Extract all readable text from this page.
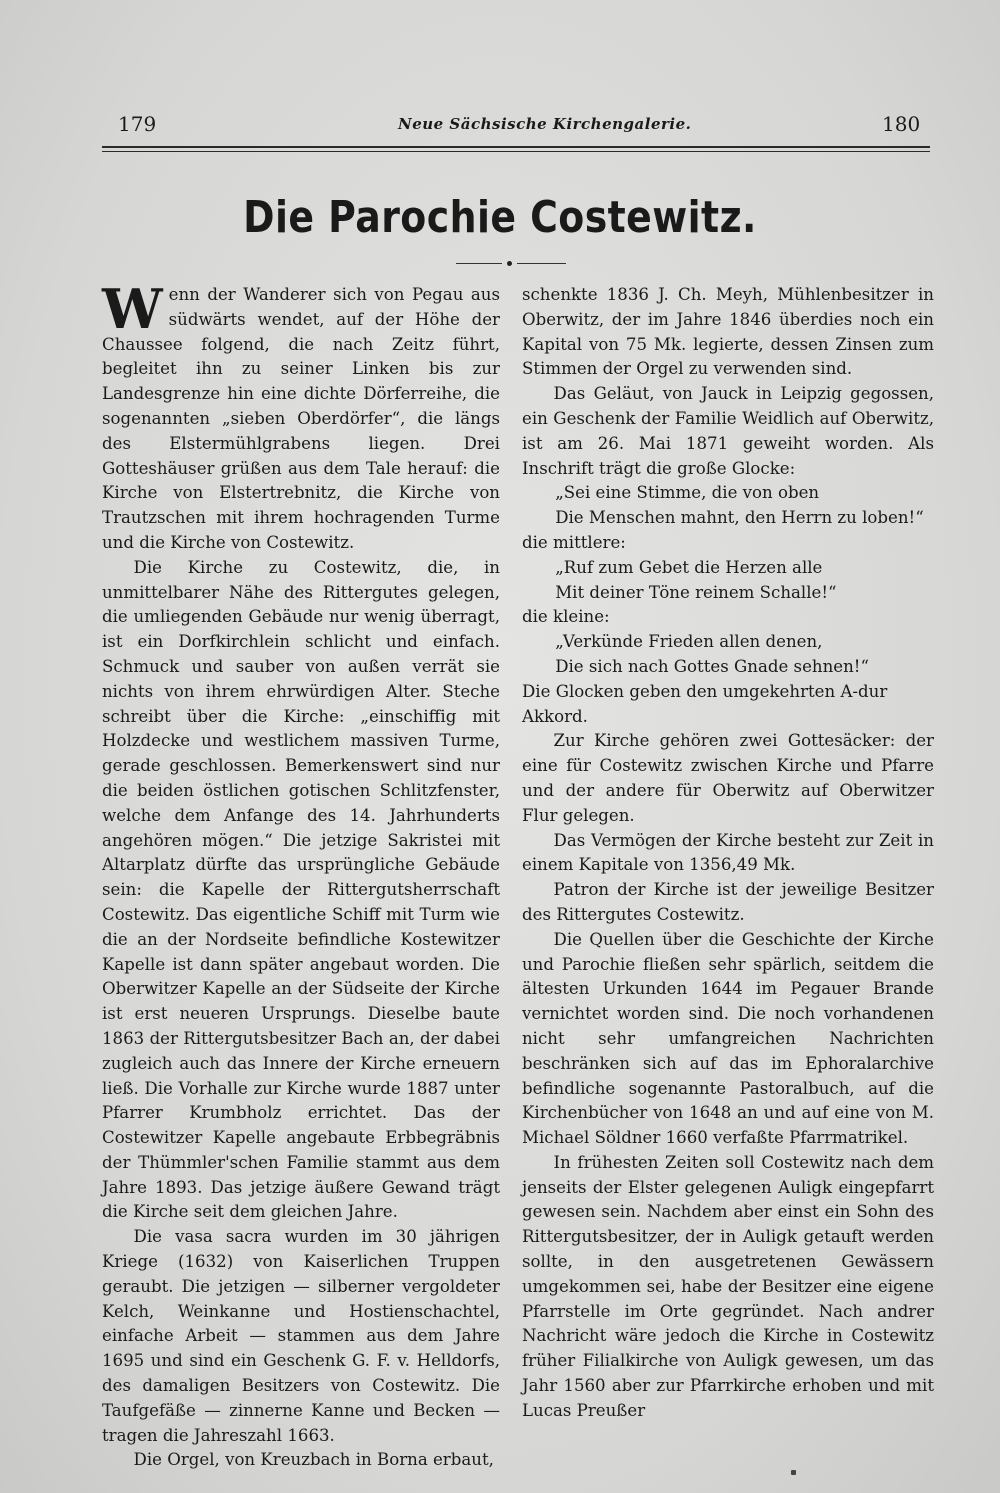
179	Neue Sächsische Kirchengalerie.	180
Die Parochie Costewitz.

Wenn der Wanderer sich von Pegau aus südwärts wendet, auf der Höhe der Chaussee folgend, die nach Zeitz führt, begleitet ihn zu seiner Linken bis zur Landesgrenze hin eine dichte Dörferreihe, die sogenannten „sieben Oberdörfer“, die längs des Elstermühlgrabens liegen. Drei Gotteshäuser grüßen aus dem Tale herauf: die Kirche von Elstertrebnitz, die Kirche von Trautzschen mit ihrem hochragenden Turme und die Kirche von Costewitz.

Die Kirche zu Costewitz, die, in unmittelbarer Nähe des Rittergutes gelegen, die umliegenden Gebäude nur wenig überragt, ist ein Dorfkirchlein schlicht und einfach. Schmuck und sauber von außen verrät sie nichts von ihrem ehrwürdigen Alter. Steche schreibt über die Kirche: „einschiffig mit Holzdecke und westlichem massiven Turme, gerade geschlossen. Bemerkenswert sind nur die beiden östlichen gotischen Schlitzfenster, welche dem Anfange des 14. Jahrhunderts angehören mögen.“ Die jetzige Sakristei mit Altarplatz dürfte das ursprüngliche Gebäude sein: die Kapelle der Rittergutsherrschaft Costewitz. Das eigentliche Schiff mit Turm wie die an der Nordseite befindliche Kostewitzer Kapelle ist dann später angebaut worden. Die Oberwitzer Kapelle an der Südseite der Kirche ist erst neueren Ursprungs. Dieselbe baute 1863 der Rittergutsbesitzer Bach an, der dabei zugleich auch das Innere der Kirche erneuern ließ. Die Vorhalle zur Kirche wurde 1887 unter Pfarrer Krumbholz errichtet. Das der Costewitzer Kapelle angebaute Erbbegräbnis der Thümmler'schen Familie stammt aus dem Jahre 1893. Das jetzige äußere Gewand trägt die Kirche seit dem gleichen Jahre.

Die vasa sacra wurden im 30 jährigen Kriege (1632) von Kaiserlichen Truppen geraubt. Die jetzigen — silberner vergoldeter Kelch, Weinkanne und Hostienschachtel, einfache Arbeit — stammen aus dem Jahre 1695 und sind ein Geschenk G. F. v. Helldorfs, des damaligen Besitzers von Costewitz. Die Taufgefäße — zinnerne Kanne und Becken — tragen die Jahreszahl 1663.

Die Orgel, von Kreuzbach in Borna erbaut,

schenkte 1836 J. Ch. Meyh, Mühlenbesitzer in Oberwitz, der im Jahre 1846 überdies noch ein Kapital von 75 Mk. legierte, dessen Zinsen zum Stimmen der Orgel zu verwenden sind.

Das Geläut, von Jauck in Leipzig gegossen, ein Geschenk der Familie Weidlich auf Oberwitz, ist am 26. Mai 1871 geweiht worden. Als Inschrift trägt die große Glocke:

„Sei eine Stimme, die von oben

Die Menschen mahnt, den Herrn zu loben!“

die mittlere:

„Ruf zum Gebet die Herzen alle

Mit deiner Töne reinem Schalle!“

die kleine:

„Verkünde Frieden allen denen,

Die sich nach Gottes Gnade sehnen!“

Die Glocken geben den umgekehrten A-dur Akkord.

Zur Kirche gehören zwei Gottesäcker: der eine für Costewitz zwischen Kirche und Pfarre und der andere für Oberwitz auf Oberwitzer Flur gelegen.

Das Vermögen der Kirche besteht zur Zeit in einem Kapitale von 1356,49 Mk.

Patron der Kirche ist der jeweilige Besitzer des Rittergutes Costewitz.

Die Quellen über die Geschichte der Kirche und Parochie fließen sehr spärlich, seitdem die ältesten Urkunden 1644 im Pegauer Brande vernichtet worden sind. Die noch vorhandenen nicht sehr umfangreichen Nachrichten beschränken sich auf das im Ephoralarchive befindliche sogenannte Pastoralbuch, auf die Kirchenbücher von 1648 an und auf eine von M. Michael Söldner 1660 verfaßte Pfarrmatrikel.

In frühesten Zeiten soll Costewitz nach dem jenseits der Elster gelegenen Auligk eingepfarrt gewesen sein. Nachdem aber einst ein Sohn des Rittergutsbesitzer, der in Auligk getauft werden sollte, in den ausgetretenen Gewässern umgekommen sei, habe der Besitzer eine eigene Pfarrstelle im Orte gegründet. Nach andrer Nachricht wäre jedoch die Kirche in Costewitz früher Filialkirche von Auligk gewesen, um das Jahr 1560 aber zur Pfarrkirche erhoben und mit Lucas Preußer
